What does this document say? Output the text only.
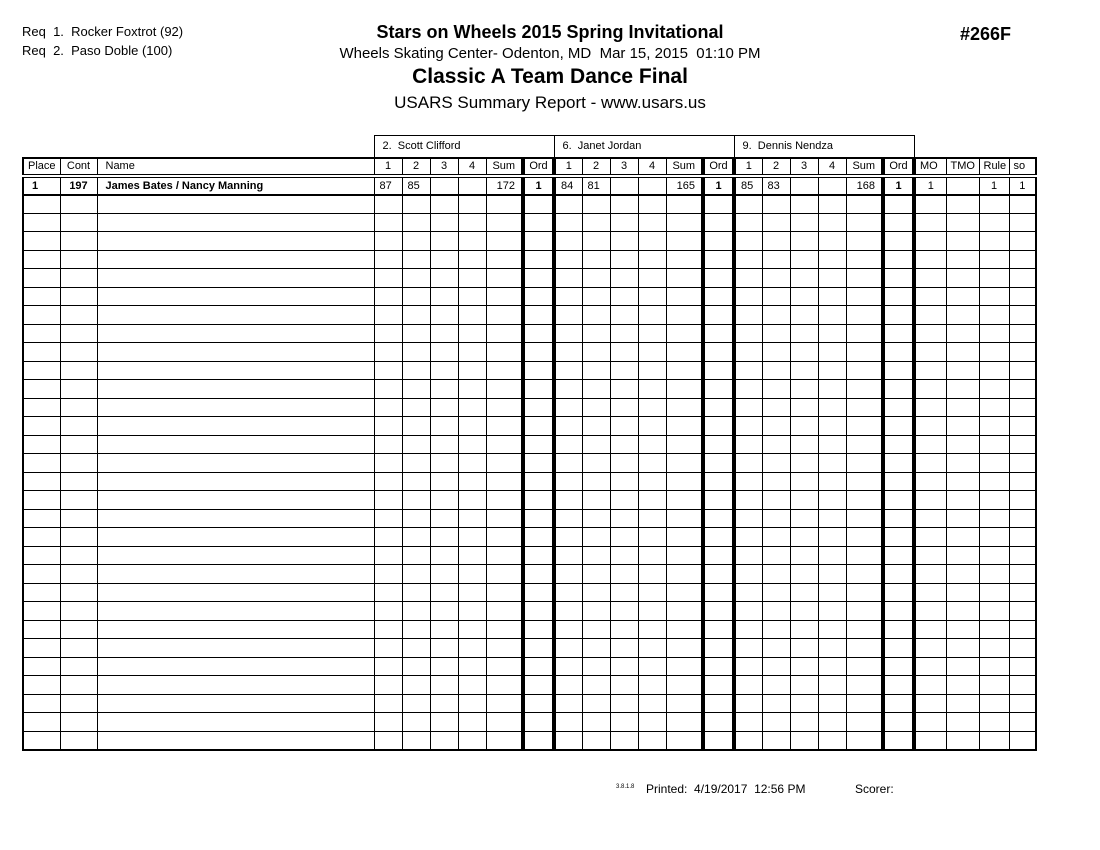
Req  1.  Rocker Foxtrot (92)
Req  2.  Paso Doble (100)
Stars on Wheels 2015 Spring Invitational
Wheels Skating Center- Odenton, MD  Mar 15, 2015  01:10 PM
Classic A Team Dance Final
USARS Summary Report - www.usars.us
#266F
			2.  Scott Clifford						6.  Janet Jordan						9.  Dennis Nendza									
Place	Cont	Name	1	2	3	4	Sum	Ord	1	2	3	4	Sum	Ord	1	2	3	4	Sum	Ord	MO	TMO	Rule	so
1	197	James Bates / Nancy Manning	87	85			172	1	84	81			165	1	85	83			168	1	1		1	1

3.8.1.8 Printed:  4/19/2017  12:56 PM	Scorer:
